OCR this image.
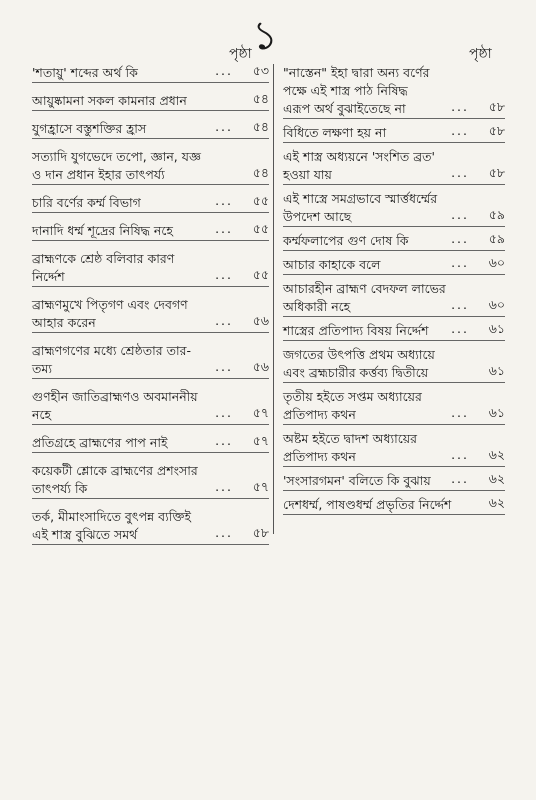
১
পৃষ্ঠা	পৃষ্ঠা
'শতায়ু' শব্দের অর্থ কি	... ৫৩
আয়ুষ্কামনা সকল কামনার প্রধান	৫৪
যুগহ্রাসে বস্তুশক্তির হ্রাস	... ৫৪
সত্যাদি যুগভেদে তপো, জ্ঞান, যজ্ঞ
ও দান প্রধান ইহার তাৎপর্য্য	৫৪
চারি বর্ণের কর্ম্ম বিভাগ	... ৫৫
দানাদি ধর্ম্ম শূদ্রের নিষিদ্ধ নহে	... ৫৫
ব্রাহ্মণকে শ্রেষ্ঠ বলিবার কারণ
নির্দ্দেশ	... ৫৫
ব্রাহ্মণমুখে পিতৃগণ এবং দেবগণ
আহার করেন	... ৫৬
ব্রাহ্মণগণের মধ্যে শ্রেষ্ঠতার তার-
তম্য	... ৫৬
গুণহীন জাতিব্রাহ্মণও অবমাননীয়
নহে	... ৫৭
প্রতিগ্রহে ব্রাহ্মণের পাপ নাই	... ৫৭
কয়েকটী শ্লোকে ব্রাহ্মণের প্রশংসার
তাৎপর্য্য কি	... ৫৭
তর্ক, মীমাংসাদিতে বুৎপন্ন ব্যক্তিই
এই শাস্ত্র বুঝিতে সমর্থ	... ৫৮
"নাস্তেন" ইহা দ্বারা অন্য বর্ণের
পক্ষে এই শাস্ত্র পাঠ নিষিদ্ধ
এরূপ অর্থ বুঝাইতেছে না	... ৫৮
বিধিতে লক্ষণা হয় না	... ৫৮
এই শাস্ত্র অধ্যয়নে 'সংশিত ব্রত'
হওয়া যায়	... ৫৮
এই শাস্ত্রে সমগ্রভাবে স্মার্ত্তধর্ম্মের
উপদেশ আছে	... ৫৯
কর্ম্মফলাপের গুণ দোষ কি	... ৫৯
আচার কাহাকে বলে	... ৬০
আচারহীন ব্রাহ্মণ বেদফল লাভের
অধিকারী নহে	... ৬০
শাস্ত্রের প্রতিপাদ্য বিষয় নির্দ্দেশ	... ৬১
জগতের উৎপত্তি প্রথম অধ্যায়ে
এবং ব্রহ্মচারীর কর্ত্তব্য দ্বিতীয়ে	৬১
তৃতীয় হইতে সপ্তম অধ্যায়ের
প্রতিপাদ্য কথন	... ৬১
অষ্টম হইতে দ্বাদশ অধ্যায়ের
প্রতিপাদ্য কথন	... ৬২
'সংসারগমন' বলিতে কি বুঝায়	... ৬২
দেশধর্ম্ম, পাষণ্ডধর্ম্ম প্রভৃতির নির্দ্দেশ	৬২
